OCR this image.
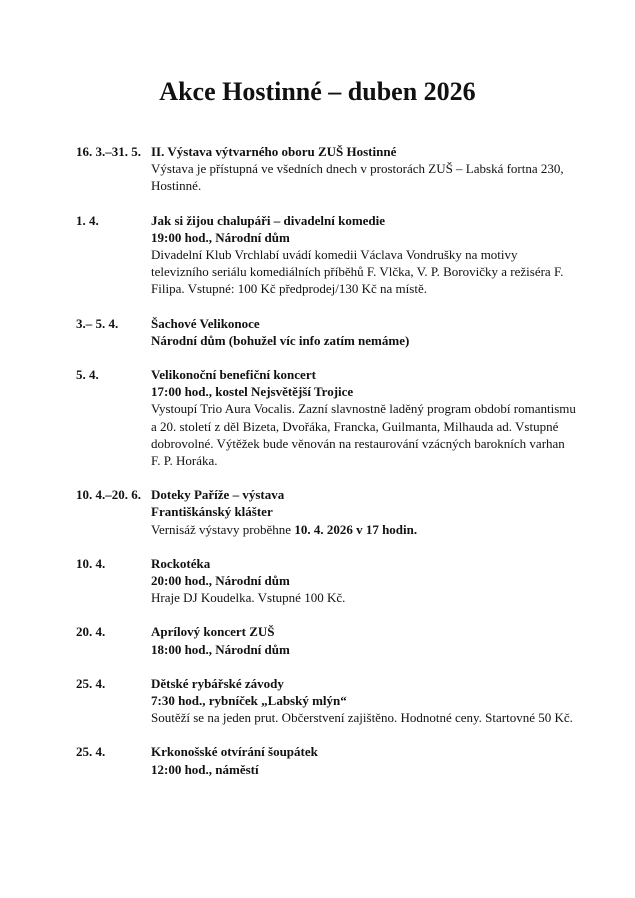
Akce Hostinné – duben 2026
16. 3.–31. 5. II. Výstava výtvarného oboru ZUŠ Hostinné
Výstava je přístupná ve všedních dnech v prostorách ZUŠ – Labská fortna 230, Hostinné.
1. 4.	Jak si žijou chalupáři – divadelní komedie
19:00 hod., Národní dům
Divadelní Klub Vrchlabí uvádí komedii Václava Vondrušky na motivy televizního seriálu komediálních příběhů F. Vlčka, V. P. Borovičky a režiséra F. Filipa. Vstupné: 100 Kč předprodej/130 Kč na místě.
3.– 5. 4.	Šachové Velikonoce
Národní dům (bohužel víc info zatím nemáme)
5. 4.	Velikonoční benefiční koncert
17:00 hod., kostel Nejsvětější Trojice
Vystoupí Trio Aura Vocalis. Zazní slavnostně laděný program období romantismu a 20. století z děl Bizeta, Dvořáka, Francka, Guilmanta, Milhauda ad. Vstupné dobrovolné. Výtěžek bude věnován na restaurování vzácných barokních varhan F. P. Horáka.
10. 4.–20. 6. Doteky Paříže – výstava
Františkánský klášter
Vernisáž výstavy proběhne 10. 4. 2026 v 17 hodin.
10. 4.	Rockotéka
20:00 hod., Národní dům
Hraje DJ Koudelka. Vstupné 100 Kč.
20. 4.	Aprílový koncert ZUŠ
18:00 hod., Národní dům
25. 4.	Dětské rybářské závody
7:30 hod., rybníček „Labský mlýn“
Soutěží se na jeden prut. Občerstvení zajištěno. Hodnotné ceny. Startovné 50 Kč.
25. 4.	Krkonošské otvírání šoupátek
12:00 hod., náměstí
